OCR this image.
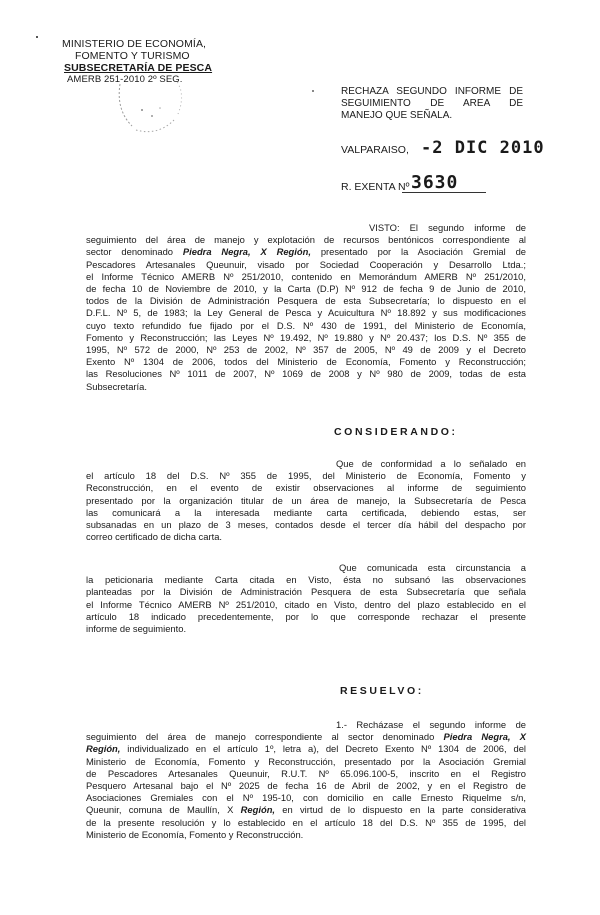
MINISTERIO DE ECONOMÍA,
FOMENTO Y TURISMO
SUBSECRETARÍA DE PESCA
AMERB 251-2010 2º SEG.
RECHAZA SEGUNDO INFORME DE
SEGUIMIENTO DE AREA DE
MANEJO QUE SEÑALA.
VALPARAISO, -2 DIC 2010
R. EXENTA Nº 3630
VISTO: El segundo informe de
seguimiento del área de manejo y explotación de recursos bentónicos correspondiente al
sector denominado Piedra Negra, X Región, presentado por la Asociación Gremial de
Pescadores Artesanales Queunuir, visado por Sociedad Cooperación y Desarrollo Ltda.;
el Informe Técnico AMERB Nº 251/2010, contenido en Memorándum AMERB Nº 251/2010,
de fecha 10 de Noviembre de 2010, y la Carta (D.P) Nº 912 de fecha 9 de Junio de 2010,
todos de la División de Administración Pesquera de esta Subsecretaría; lo dispuesto en el
D.F.L. Nº 5, de 1983; la Ley General de Pesca y Acuicultura Nº 18.892 y sus modificaciones
cuyo texto refundido fue fijado por el D.S. Nº 430 de 1991, del Ministerio de Economía,
Fomento y Reconstrucción; las Leyes Nº 19.492, Nº 19.880 y Nº 20.437; los D.S. Nº 355 de
1995, Nº 572 de 2000, Nº 253 de 2002, Nº 357 de 2005, Nº 49 de 2009 y el Decreto
Exento Nº 1304 de 2006, todos del Ministerio de Economía, Fomento y Reconstrucción;
las Resoluciones Nº 1011 de 2007, Nº 1069 de 2008 y Nº 980 de 2009, todas de esta
Subsecretaría.
CONSIDERANDO:
Que de conformidad a lo señalado en
el artículo 18 del D.S. Nº 355 de 1995, del Ministerio de Economía, Fomento y
Reconstrucción, en el evento de existir observaciones al informe de seguimiento
presentado por la organización titular de un área de manejo, la Subsecretaría de Pesca
las comunicará a la interesada mediante carta certificada, debiendo estas, ser
subsanadas en un plazo de 3 meses, contados desde el tercer día hábil del despacho por
correo certificado de dicha carta.
Que comunicada esta circunstancia a
la peticionaria mediante Carta citada en Visto, ésta no subsanó las observaciones
planteadas por la División de Administración Pesquera de esta Subsecretaría que señala
el Informe Técnico AMERB Nº 251/2010, citado en Visto, dentro del plazo establecido en el
artículo 18 indicado precedentemente, por lo que corresponde rechazar el presente
informe de seguimiento.
RESUELVO:
1.- Recházase el segundo informe de
seguimiento del área de manejo correspondiente al sector denominado Piedra Negra, X
Región, individualizado en el artículo 1º, letra a), del Decreto Exento Nº 1304 de 2006, del
Ministerio de Economía, Fomento y Reconstrucción, presentado por la Asociación Gremial
de Pescadores Artesanales Queunuir, R.U.T. Nº 65.096.100-5, inscrito en el Registro
Pesquero Artesanal bajo el Nº 2025 de fecha 16 de Abril de 2002, y en el Registro de
Asociaciones Gremiales con el Nº 195-10, con domicilio en calle Ernesto Riquelme s/n,
Queunir, comuna de Maullín, X Región, en virtud de lo dispuesto en la parte considerativa
de la presente resolución y lo establecido en el artículo 18 del D.S. Nº 355 de 1995, del
Ministerio de Economía, Fomento y Reconstrucción.
